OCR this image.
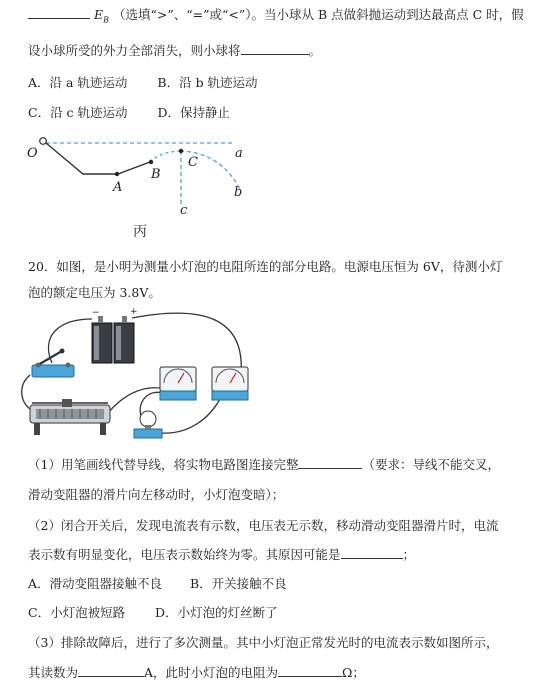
$E_B$ （选填“>”、“=”或“<”）。当小球从 B 点做斜抛运动到达最高点 C 时，假
设小球所受的外力全部消失，则小球将	。
A．沿 a 轨迹运动 B．沿 b 轨迹运动
C．沿 c 轨迹运动 D．保持静止
O
A
B
C
a
b
c
丙
20．如图，是小明为测量小灯泡的电阻所连的部分电路。电源电压恒为 6V，待测小灯
泡的额定电压为 3.8V。
−	+
（1）用笔画线代替导线，将实物电路图连接完整	（要求：导线不能交叉，
滑动变阻器的滑片向左移动时，小灯泡变暗）；
（2）闭合开关后，发现电流表有示数，电压表无示数，移动滑动变阻器滑片时，电流
表示数有明显变化，电压表示数始终为零。其原因可能是	；
A．滑动变阻器接触不良 B．开关接触不良
C．小灯泡被短路 D．小灯泡的灯丝断了
（3）排除故障后，进行了多次测量。其中小灯泡正常发光时的电流表示数如图所示，
其读数为	A，此时小灯泡的电阻为	Ω；
